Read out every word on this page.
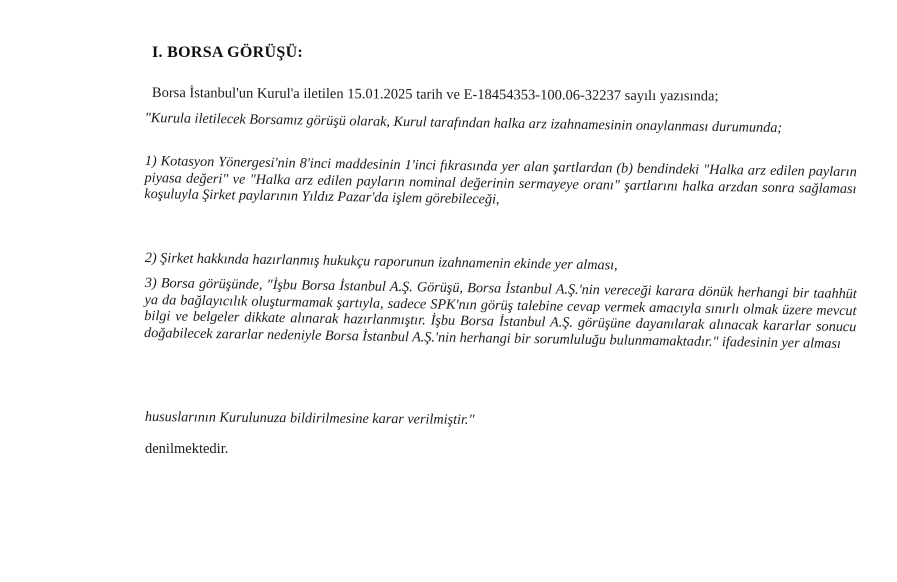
I. BORSA GÖRÜŞÜ:
Borsa İstanbul'un Kurul'a iletilen 15.01.2025 tarih ve E-18454353-100.06-32237 sayılı yazısında;
"Kurula iletilecek Borsamız görüşü olarak, Kurul tarafından halka arz izahnamesinin onaylanması durumunda;
1) Kotasyon Yönergesi'nin 8'inci maddesinin 1'inci fıkrasında yer alan şartlardan (b) bendindeki "Halka arz edilen payların piyasa değeri" ve "Halka arz edilen payların nominal değerinin sermayeye oranı" şartlarını halka arzdan sonra sağlaması koşuluyla Şirket paylarının Yıldız Pazar'da işlem görebileceği,
2) Şirket hakkında hazırlanmış hukukçu raporunun izahnamenin ekinde yer alması,
3) Borsa görüşünde, "İşbu Borsa İstanbul A.Ş. Görüşü, Borsa İstanbul A.Ş.'nin vereceği karara dönük herhangi bir taahhüt ya da bağlayıcılık oluşturmamak şartıyla, sadece SPK'nın görüş talebine cevap vermek amacıyla sınırlı olmak üzere mevcut bilgi ve belgeler dikkate alınarak hazırlanmıştır. İşbu Borsa İstanbul A.Ş. görüşüne dayanılarak alınacak kararlar sonucu doğabilecek zararlar nedeniyle Borsa İstanbul A.Ş.'nin herhangi bir sorumluluğu bulunmamaktadır." ifadesinin yer alması
hususlarının Kurulunuza bildirilmesine karar verilmiştir."
denilmektedir.
